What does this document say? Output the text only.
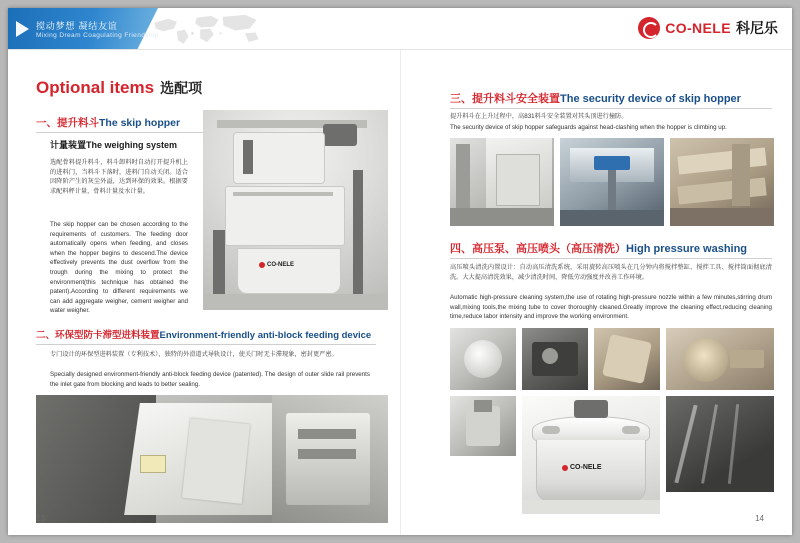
搅动梦想 凝结友谊
Mixing Dream Coagulating Friendship	CO-NELE 科尼乐
Optional items 选配项
一、提升料斗The skip hopper
计量装置The weighing system
选配骨料提升料斗，料斗卸料时自动打开提升机上的进料门，当料斗下落时，进料门自动关闭。适合因降阶产生的灰尘外溢，达到环保的效果。根据要求配料秤计量，骨料计量及水计量。
The skip hopper can be chosen according to the requirements of customers. The feeding door automatically opens when feeding, and closes when the hopper begins to descend.The device effectively prevents the dust overflow from the trough during the mixing to protect the environment(this technique has obtained the patent).According to different requirements we can add aggregate weigher, cement weigher and water weigher.
CO-NELE
二、环保型防卡滞型进料装置Environment-friendly anti-block feeding device
专门设计的环保型进料装置（专利技术），独特的外滑道式导轨设计，使关门时无卡滞现象，密封更严密。
Specially designed environment-friendly anti-block feeding device (patented). The design of outer slide rail prevents the inlet gate from blocking and leads to better sealing.
13
三、提升料斗安全装置The security device of skip hopper
提升料斗在上升过程中，高831料斗安全装置对其头顶进行撞防。
The security device of skip hopper safeguards against head-clashing when the hopper is climbing up.
四、高压泵、高压喷头（高压清洗）High pressure washing
高压喷头清洗内置设计：自动高压清洗系统，采用旋转高压喷头在几分钟内将搅拌整缸、搅拌工具、搅拌筒面彻底清洗。大大提高清洗效果，减少清洗时间，降低劳动强度并改善工作环境。
Automatic high-pressure cleaning system,the use of rotating high-pressure nozzle within a few minutes,stirring drum wall,mixing tools,the mixing tube to cover thoroughly cleaned.Greatly improve the cleaning effect,reducing cleaning time,reduce labor intensity and improve the working environment.
CO-NELE
14
